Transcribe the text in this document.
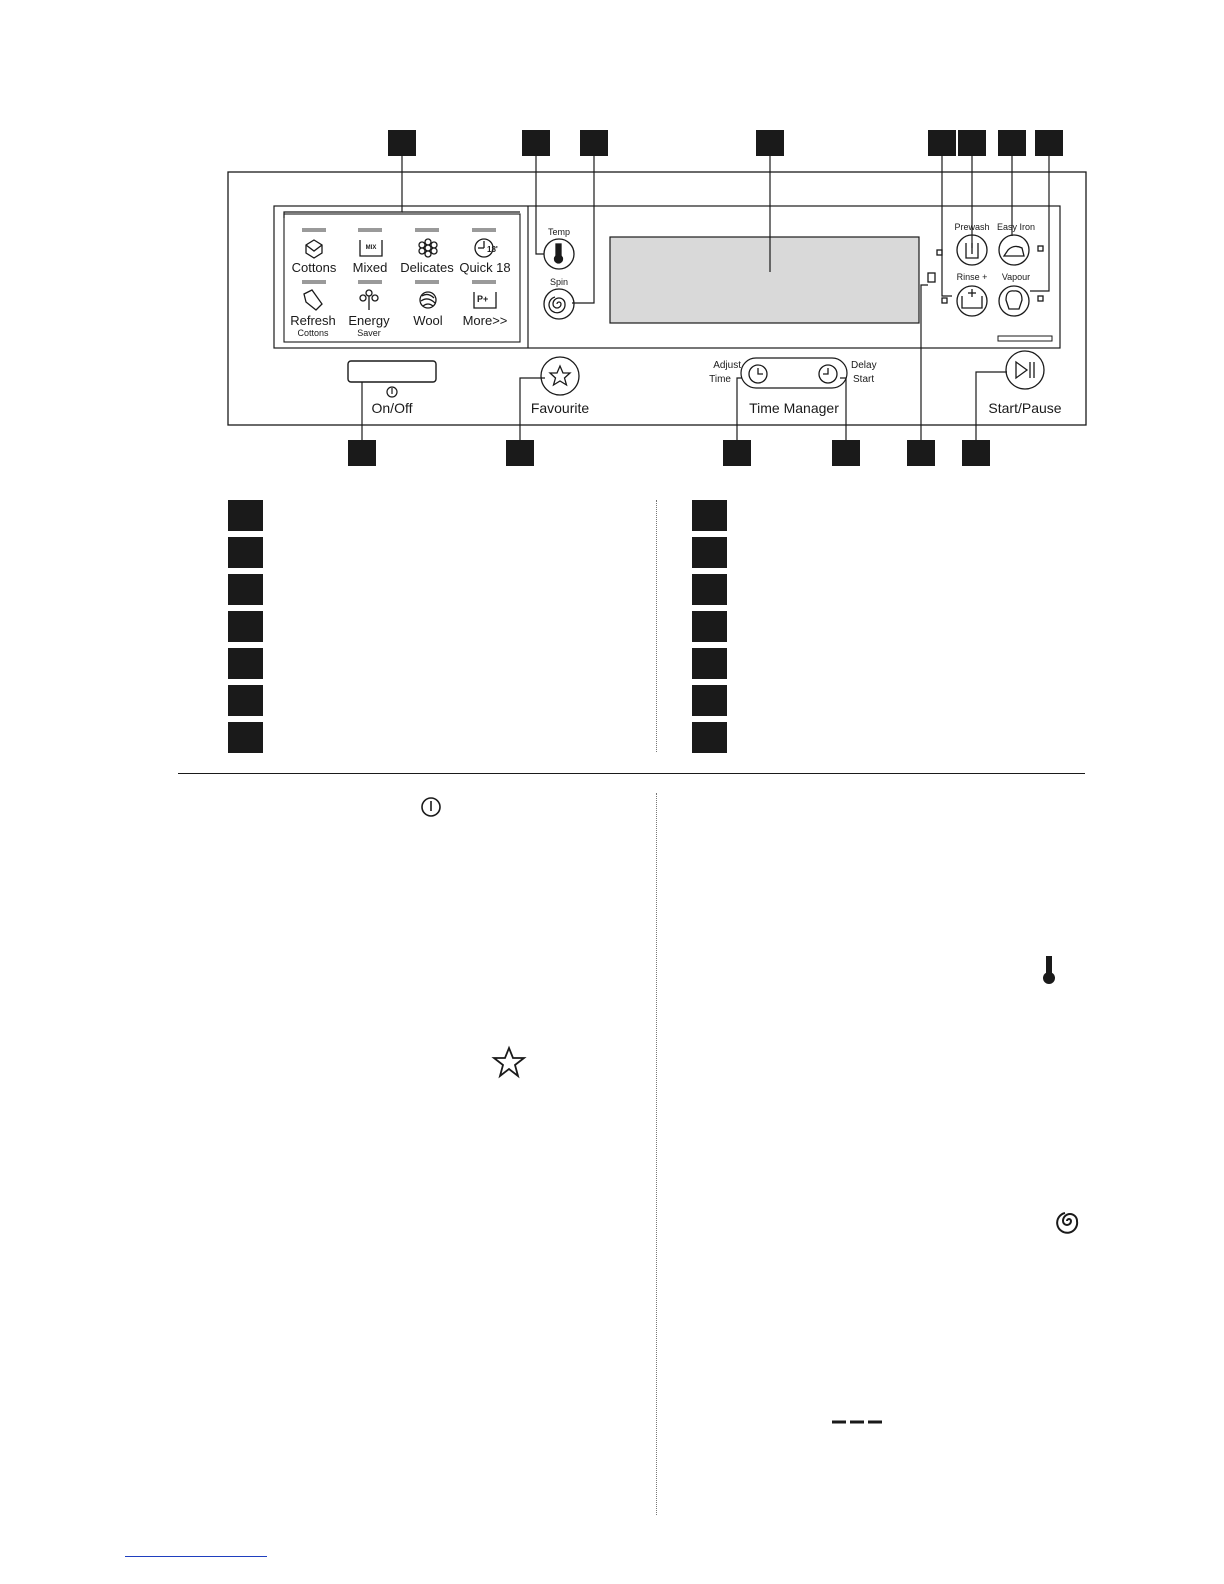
Cottons	Mixed Delicates Quick 18
Refresh Energy	Wool	More>>
Cottons	Saver
MIX	18'
P+
Temp
Spin
Prewash Easy Iron
Rinse +	Vapour
On/Off	Favourite
Adjust
Time
Delay
Start
Time Manager	Start/Pause
